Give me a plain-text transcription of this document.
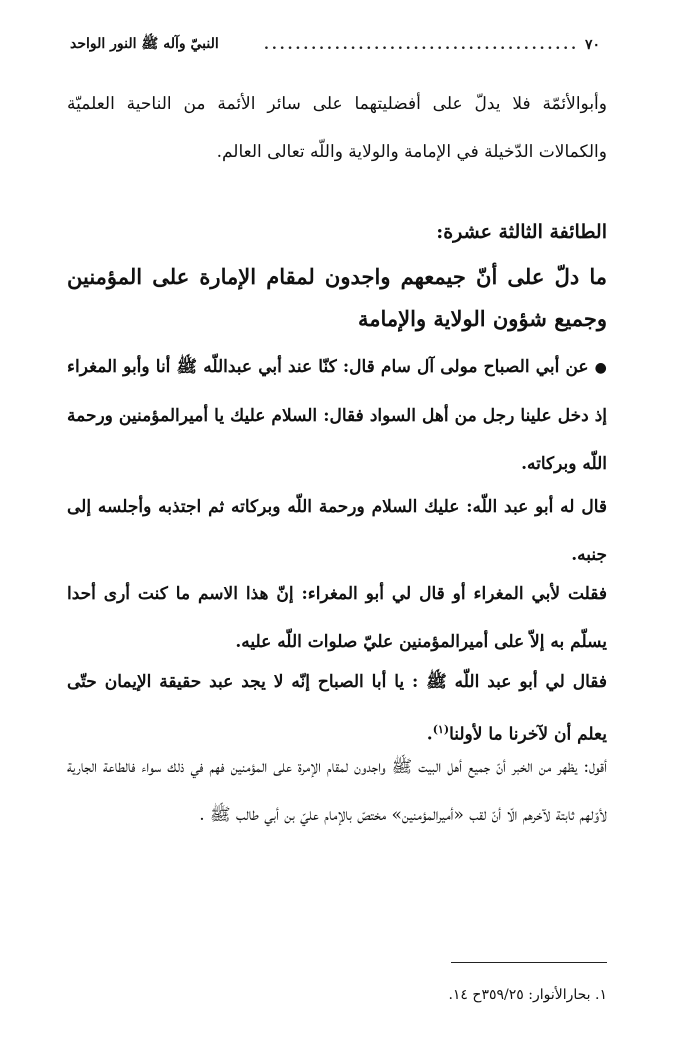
٧٠
........................................
النبيّ وآله ﷺ النور الواحد
وأبوالأئمّة فلا يدلّ على أفضليتهما على سائر الأئمة من الناحية العلميّة والكمالات الدّخيلة في الإمامة والولاية واللّه تعالى العالم.
الطائفة الثالثة عشرة:
ما دلّ على أنّ جيمعهم واجدون لمقام الإمارة على المؤمنين وجميع شؤون الولاية والإمامة
●عن أبي الصباح مولى آل سام قال: كنّا عند أبي عبداللّه ﷺ أنا وأبو المغراء إذ دخل علينا رجل من أهل السواد فقال: السلام عليك يا أميرالمؤمنين ورحمة اللّه وبركاته.
قال له أبو عبد اللّه: عليك السلام ورحمة اللّه وبركاته ثم اجتذبه وأجلسه إلى جنبه.
فقلت لأبي المغراء أو قال لي أبو المغراء: إنّ هذا الاسم ما كنت أرى أحدا يسلّم به إلاّ على أميرالمؤمنين عليّ صلوات اللّه عليه.
فقال لي أبو عبد اللّه ﷺ : يا أبا الصباح إنّه لا يجد عبد حقيقة الإيمان حتّى يعلم أن لآخرنا ما لأولنا$^{(١)}$.
أقول: يظهر من الخبر أنّ جميع أهل البيت ﷺ واجدون لمقام الإمرة على المؤمنين فهم في ذلك سواء فالطاعة الجارية لأوّلهم ثابتة لآخرهم الّا أنّ لقب «أميرالمؤمنين» مختصّ بالإمام عليّ بن أبي طالب ﷺ .
١. بحارالأنوار: ٣٥٩/٢٥ح ١٤.
